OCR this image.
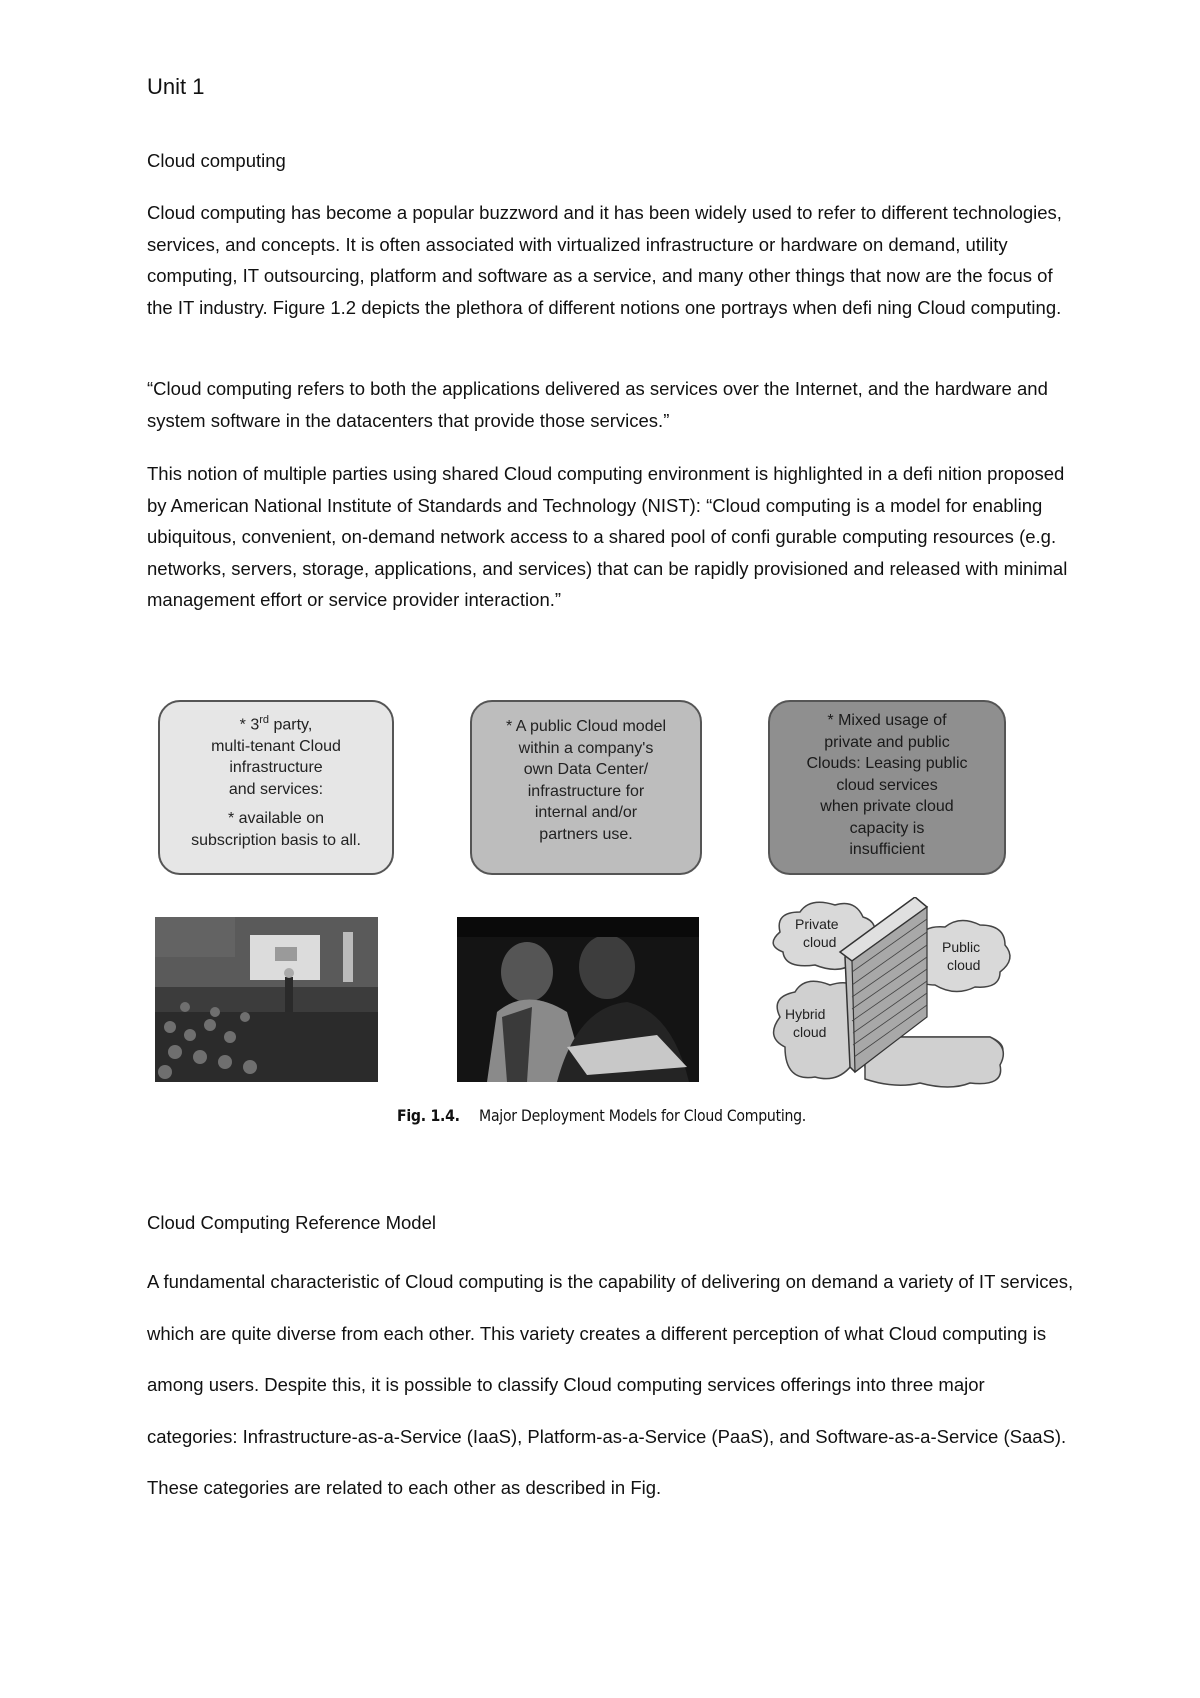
Unit 1

Cloud computing

Cloud computing has become a popular buzzword and it has been widely used to refer to different technologies, services, and concepts. It is often associated with virtualized infrastructure or hardware on demand, utility computing, IT outsourcing, platform and software as a service, and many other things that now are the focus of the IT industry. Figure 1.2 depicts the plethora of different notions one portrays when defi ning Cloud computing.

“Cloud computing refers to both the applications delivered as services over the Internet, and the hardware and system software in the datacenters that provide those services.”

This notion of multiple parties using shared Cloud computing environment is highlighted in a defi nition proposed by American National Institute of Standards and Technology (NIST): “Cloud computing is a model for enabling ubiquitous, convenient, on-demand network access to a shared pool of confi gurable computing resources (e.g. networks, servers, storage, applications, and services) that can be rapidly provisioned and released with minimal management effort or service provider interaction.”

* 3rd party,

multi-tenant Cloud

infrastructure

and services:

* available on

subscription basis to all.

* A public Cloud model

within a company's

own Data Center/

infrastructure for

internal and/or

partners use.

* Mixed usage of

private and public

Clouds: Leasing public

cloud services

when private cloud

capacity is

insufficient

Private
cloud	Public
cloud
Hybrid
cloud
Fig. 1.4. Major Deployment Models for Cloud Computing.

Cloud Computing Reference Model

A fundamental characteristic of Cloud computing is the capability of delivering on demand a variety of IT services, which are quite diverse from each other. This variety creates a different perception of what Cloud computing is among users. Despite this, it is possible to classify Cloud computing services offerings into three major categories: Infrastructure-as-a-Service (IaaS), Platform-as-a-Service (PaaS), and Software-as-a-Service (SaaS). These categories are related to each other as described in Fig.
